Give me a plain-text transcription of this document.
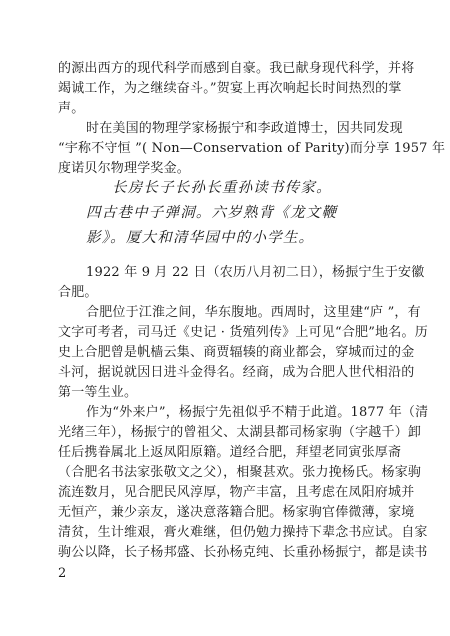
的源出西方的现代科学而感到自豪。我已献身现代科学，并将
竭诚工作，为之继续奋斗。”贺宴上再次响起长时间热烈的掌
声。
时在美国的物理学家杨振宁和李政道博士，因共同发现
“宇称不守恒 ”( Non—Conservation of Parity)而分享 1957 年
度诺贝尔物理学奖金。
长房长子长孙长重孙读书传家。
四古巷中子弹洞。六岁熟背《龙文鞭
影》。厦大和清华园中的小学生。
1922 年 9 月 22 日（农历八月初二日），杨振宁生于安徽
合肥。
合肥位于江淮之间，华东腹地。西周时，这里建“庐 ”，有
文字可考者，司马迁《史记 · 货殖列传》上可见“合肥”地名。历
史上合肥曾是帆樯云集、商贾辐辏的商业都会，穿城而过的金
斗河，据说就因日进斗金得名。经商，成为合肥人世代相沿的
第一等生业。
作为“外来户”，杨振宁先祖似乎不精于此道。1877 年（清
光绪三年），杨振宁的曾祖父、太湖县都司杨家驹（字越千）卸
任后携眷属北上返凤阳原籍。道经合肥，拜望老同寅张厚斋
（合肥名书法家张敬文之父），相聚甚欢。张力挽杨氏。杨家驹
流连数月，见合肥民风淳厚，物产丰富，且考虑在凤阳府城并
无恒产，兼少亲友，遂决意落籍合肥。杨家驹官俸微薄，家境
清贫，生计维艰，膏火难继，但仍勉力操持下辈念书应试。自家
驹公以降，长子杨邦盛、长孙杨克纯、长重孙杨振宁，都是读书
2
